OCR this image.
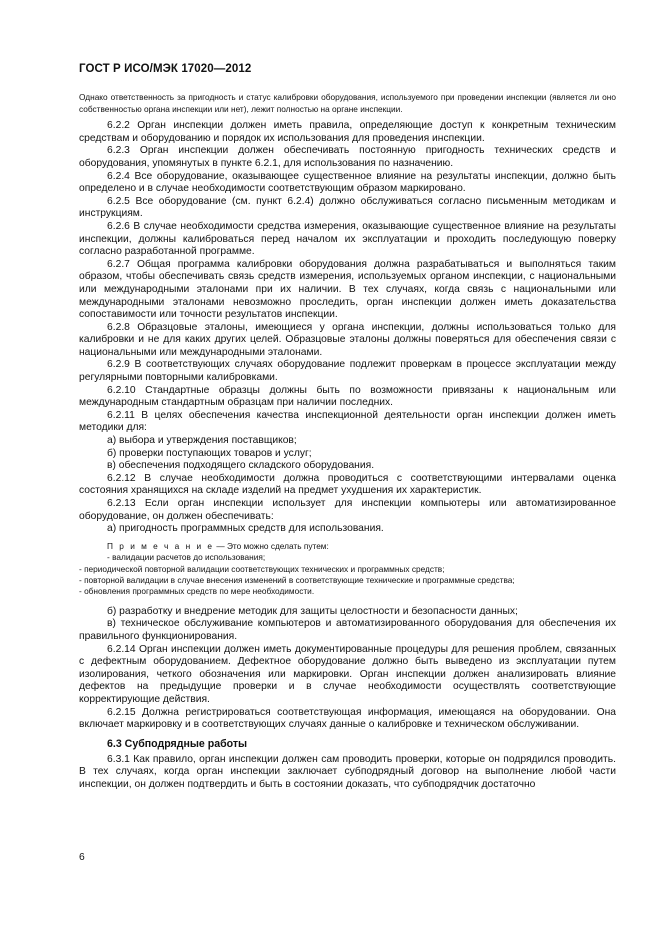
ГОСТ Р ИСО/МЭК 17020—2012
Однако ответственность за пригодность и статус калибровки оборудования, используемого при проведении инспекции (является ли оно собственностью органа инспекции или нет), лежит полностью на органе инспекции.
6.2.2 Орган инспекции должен иметь правила, определяющие доступ к конкретным техническим средствам и оборудованию и порядок их использования для проведения инспекции.
6.2.3 Орган инспекции должен обеспечивать постоянную пригодность технических средств и оборудования, упомянутых в пункте 6.2.1, для использования по назначению.
6.2.4 Все оборудование, оказывающее существенное влияние на результаты инспекции, должно быть определено и в случае необходимости соответствующим образом маркировано.
6.2.5 Все оборудование (см. пункт 6.2.4) должно обслуживаться согласно письменным методикам и инструкциям.
6.2.6 В случае необходимости средства измерения, оказывающие существенное влияние на результаты инспекции, должны калиброваться перед началом их эксплуатации и проходить последующую поверку согласно разработанной программе.
6.2.7 Общая программа калибровки оборудования должна разрабатываться и выполняться таким образом, чтобы обеспечивать связь средств измерения, используемых органом инспекции, с национальными или международными эталонами при их наличии. В тех случаях, когда связь с национальными или международными эталонами невозможно проследить, орган инспекции должен иметь доказательства сопоставимости или точности результатов инспекции.
6.2.8 Образцовые эталоны, имеющиеся у органа инспекции, должны использоваться только для калибровки и не для каких других целей. Образцовые эталоны должны поверяться для обеспечения связи с национальными или международными эталонами.
6.2.9 В соответствующих случаях оборудование подлежит проверкам в процессе эксплуатации между регулярными повторными калибровками.
6.2.10 Стандартные образцы должны быть по возможности привязаны к национальным или международным стандартным образцам при наличии последних.
6.2.11 В целях обеспечения качества инспекционной деятельности орган инспекции должен иметь методики для:
а) выбора и утверждения поставщиков;
б) проверки поступающих товаров и услуг;
в) обеспечения подходящего складского оборудования.
6.2.12 В случае необходимости должна проводиться с соответствующими интервалами оценка состояния хранящихся на складе изделий на предмет ухудшения их характеристик.
6.2.13 Если орган инспекции использует для инспекции компьютеры или автоматизированное оборудование, он должен обеспечивать:
а) пригодность программных средств для использования.
П р и м е ч а н и е — Это можно сделать путем:
- валидации расчетов до использования;
- периодической повторной валидации соответствующих технических и программных средств;
- повторной валидации в случае внесения изменений в соответствующие технические и программные средства;
- обновления программных средств по мере необходимости.
б) разработку и внедрение методик для защиты целостности и безопасности данных;
в) техническое обслуживание компьютеров и автоматизированного оборудования для обеспечения их правильного функционирования.
6.2.14 Орган инспекции должен иметь документированные процедуры для решения проблем, связанных с дефектным оборудованием. Дефектное оборудование должно быть выведено из эксплуатации путем изолирования, четкого обозначения или маркировки. Орган инспекции должен анализировать влияние дефектов на предыдущие проверки и в случае необходимости осуществлять соответствующие корректирующие действия.
6.2.15 Должна регистрироваться соответствующая информация, имеющаяся на оборудовании. Она включает маркировку и в соответствующих случаях данные о калибровке и техническом обслуживании.
6.3 Субподрядные работы
6.3.1 Как правило, орган инспекции должен сам проводить проверки, которые он подрядился проводить. В тех случаях, когда орган инспекции заключает субподрядный договор на выполнение любой части инспекции, он должен подтвердить и быть в состоянии доказать, что субподрядчик достаточно
6
